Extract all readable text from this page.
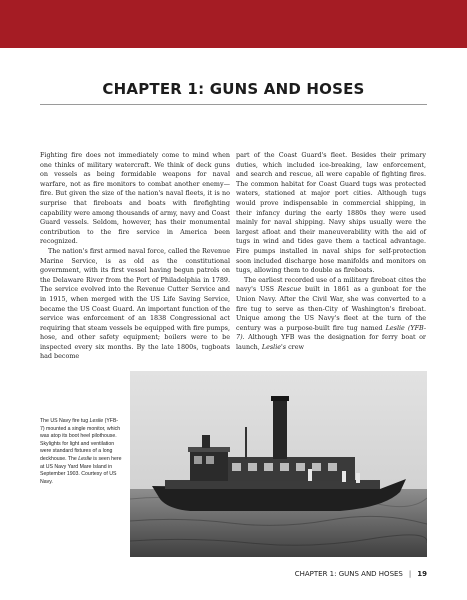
CHAPTER 1: GUNS AND HOSES

Fighting fire does not immediately come to mind when one thinks of military watercraft. We think of deck guns on vessels as being formidable weapons for naval warfare, not as fire monitors to combat another enemy—fire. But given the size of the nation's naval fleets, it is no surprise that fireboats and boats with firefighting capability were among thousands of army, navy and Coast Guard vessels. Seldom, however, has their monumental contribution to the fire service in America been recognized.

The nation's first armed naval force, called the Revenue Marine Service, is as old as the constitutional government, with its first vessel having begun patrols on the Delaware River from the Port of Philadelphia in 1789. The service evolved into the Revenue Cutter Service and in 1915, when merged with the US Life Saving Service, became the US Coast Guard. An important function of the service was enforcement of an 1838 Congressional act requiring that steam vessels be equipped with fire pumps, hose, and other safety equipment; boilers were to be inspected every six months. By the late 1800s, tugboats had become

part of the Coast Guard's fleet. Besides their primary duties, which included ice-breaking, law enforcement, and search and rescue, all were capable of fighting fires. The common habitat for Coast Guard tugs was protected waters, stationed at major port cities. Although tugs would prove indispensable in commercial shipping, in their infancy during the early 1880s they were used mainly for naval shipping. Navy ships usually were the largest afloat and their maneuverability with the aid of tugs in wind and tides gave them a tactical advantage. Fire pumps installed in naval ships for self-protection soon included discharge hose manifolds and monitors on tugs, allowing them to double as fireboats.

The earliest recorded use of a military fireboat cites the navy's USS Rescue built in 1861 as a gunboat for the Union Navy. After the Civil War, she was converted to a fire tug to serve as then-City of Washington's fireboat. Unique among the US Navy's fleet at the turn of the century was a purpose-built fire tug named Leslie (YFB-7). Although YFB was the designation for ferry boat or launch, Leslie's crew

The US Navy fire tug Leslie (YFB-7) mounted a single monitor, which was atop its boot heel pilothouse. Skylights for light and ventilation were standard fixtures of a long deckhouse. The Leslie is seen here at US Navy Yard Mare Island in September 1903. Courtesy of US Navy.
CHAPTER 1: GUNS AND HOSES | 19
